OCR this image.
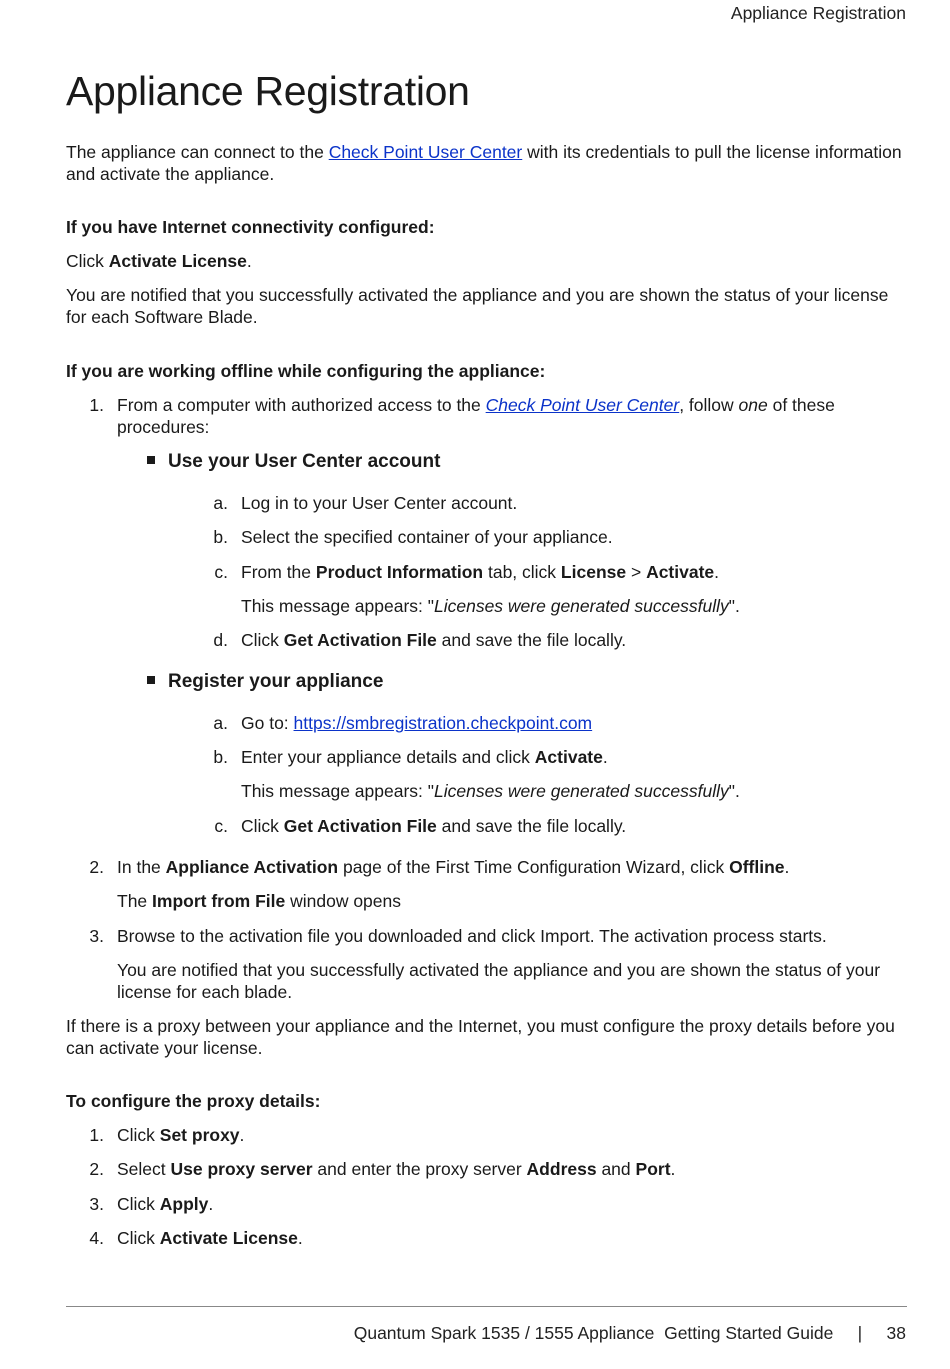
Appliance Registration
Appliance Registration

The appliance can connect to the Check Point User Center with its credentials to pull the license information
and activate the appliance.

If you have Internet connectivity configured:

Click Activate License.

You are notified that you successfully activated the appliance and you are shown the status of your license
for each Software Blade.

If you are working offline while configuring the appliance:

1. From a computer with authorized access to the Check Point User Center, follow one of these
procedures:

Use your User Center account
a. Log in to your User Center account.

b. Select the specified container of your appliance.

c. From the Product Information tab, click License > Activate.

This message appears: "Licenses were generated successfully".

d. Click Get Activation File and save the file locally.

Register your appliance
a. Go to: https://smbregistration.checkpoint.com

b. Enter your appliance details and click Activate.

This message appears: "Licenses were generated successfully".

c. Click Get Activation File and save the file locally.

2. In the Appliance Activation page of the First Time Configuration Wizard, click Offline.

The Import from File window opens

3. Browse to the activation file you downloaded and click Import. The activation process starts.

You are notified that you successfully activated the appliance and you are shown the status of your
license for each blade.

If there is a proxy between your appliance and the Internet, you must configure the proxy details before you
can activate your license.

To configure the proxy details:

1. Click Set proxy.

2. Select Use proxy server and enter the proxy server Address and Port.

3. Click Apply.

4. Click Activate License.

Quantum Spark 1535 / 1555 Appliance  Getting Started Guide | 38
